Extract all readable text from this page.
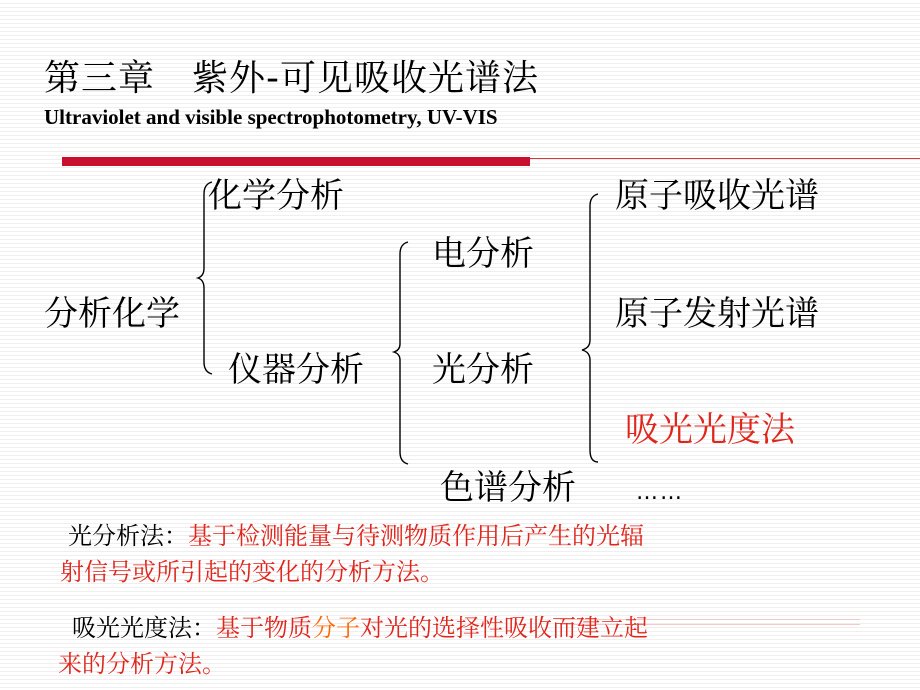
第三章　紫外-可见吸收光谱法
Ultraviolet and visible spectrophotometry, UV-VIS
分析化学
化学分析
仪器分析
电分析
光分析
色谱分析
原子吸收光谱
原子发射光谱
吸光光度法
……
光分析法：基于检测能量与待测物质作用后产生的光辐
射信号或所引起的变化的分析方法。
吸光光度法：基于物质分子对光的选择性吸收而建立起
来的分析方法。
